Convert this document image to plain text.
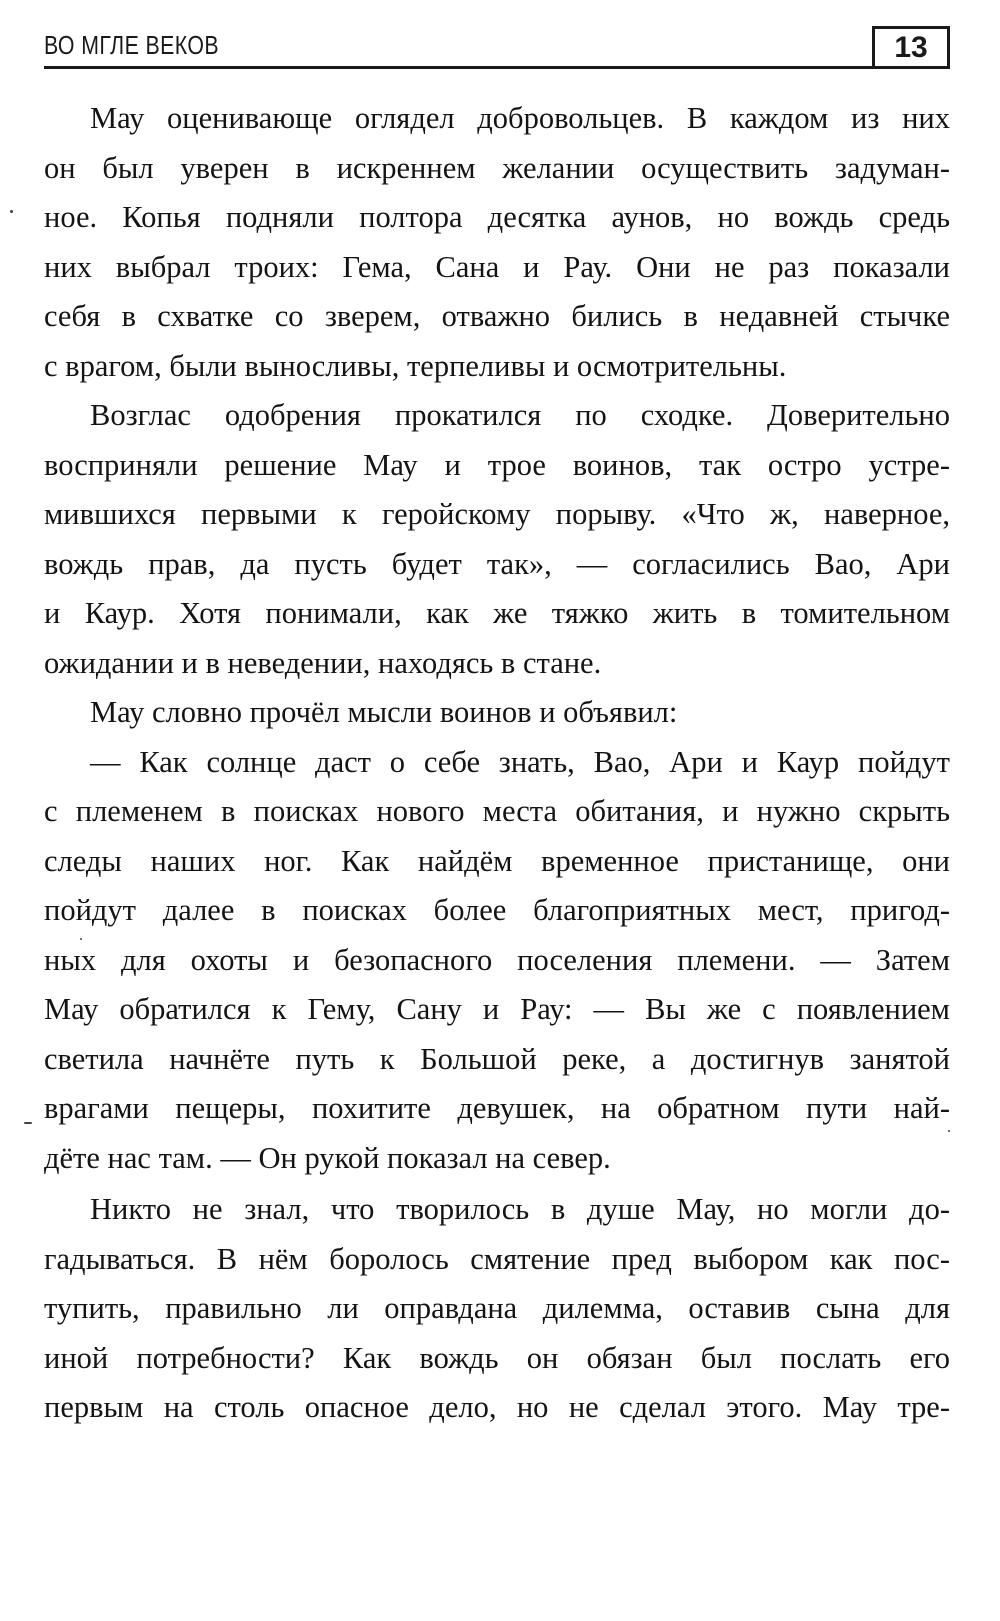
ВО МГЛЕ ВЕКОВ	13
Мау оценивающе оглядел добровольцев. В каждом из них
он был уверен в искреннем желании осуществить задуман-
ное. Копья подняли полтора десятка аунов, но вождь средь
них выбрал троих: Гема, Сана и Рау. Они не раз показали
себя в схватке со зверем, отважно бились в недавней стычке
с врагом, были выносливы, терпеливы и осмотрительны.
Возглас одобрения прокатился по сходке. Доверительно
восприняли решение Мау и трое воинов, так остро устре-
мившихся первыми к геройскому порыву. «Что ж, наверное,
вождь прав, да пусть будет так», — согласились Вао, Ари
и Каур. Хотя понимали, как же тяжко жить в томительном
ожидании и в неведении, находясь в стане.
Мау словно прочёл мысли воинов и объявил:
— Как солнце даст о себе знать, Вао, Ари и Каур пойдут
с племенем в поисках нового места обитания, и нужно скрыть
следы наших ног. Как найдём временное пристанище, они
пойдут далее в поисках более благоприятных мест, пригод-
ных для охоты и безопасного поселения племени. — Затем
Мау обратился к Гему, Сану и Рау: — Вы же с появлением
светила начнёте путь к Большой реке, а достигнув занятой
врагами пещеры, похитите девушек, на обратном пути най-
дёте нас там. — Он рукой показал на север.
Никто не знал, что творилось в душе Мау, но могли до-
гадываться. В нём боролось смятение пред выбором как пос-
тупить, правильно ли оправдана дилемма, оставив сына для
иной потребности? Как вождь он обязан был послать его
первым на столь опасное дело, но не сделал этого. Мау тре-
